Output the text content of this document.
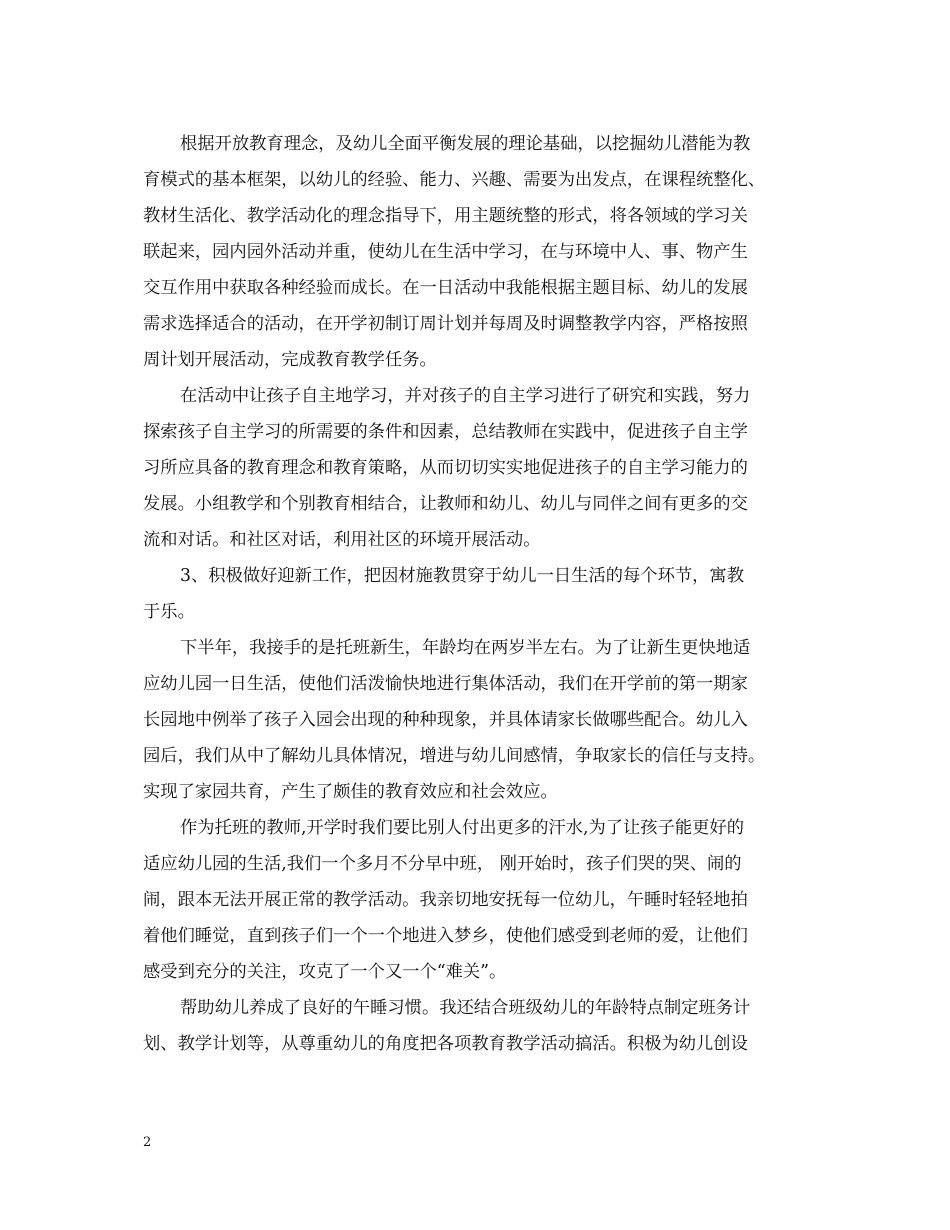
根据开放教育理念，及幼儿全面平衡发展的理论基础，以挖掘幼儿潜能为教
育模式的基本框架，以幼儿的经验、能力、兴趣、需要为出发点，在课程统整化、
教材生活化、教学活动化的理念指导下，用主题统整的形式，将各领域的学习关
联起来，园内园外活动并重，使幼儿在生活中学习，在与环境中人、事、物产生
交互作用中获取各种经验而成长。在一日活动中我能根据主题目标、幼儿的发展
需求选择适合的活动，在开学初制订周计划并每周及时调整教学内容，严格按照
周计划开展活动，完成教育教学任务。
在活动中让孩子自主地学习，并对孩子的自主学习进行了研究和实践，努力
探索孩子自主学习的所需要的条件和因素，总结教师在实践中，促进孩子自主学
习所应具备的教育理念和教育策略，从而切切实实地促进孩子的自主学习能力的
发展。小组教学和个别教育相结合，让教师和幼儿、幼儿与同伴之间有更多的交
流和对话。和社区对话，利用社区的环境开展活动。
3、积极做好迎新工作，把因材施教贯穿于幼儿一日生活的每个环节，寓教
于乐。
下半年，我接手的是托班新生，年龄均在两岁半左右。为了让新生更快地适
应幼儿园一日生活，使他们活泼愉快地进行集体活动，我们在开学前的第一期家
长园地中例举了孩子入园会出现的种种现象，并具体请家长做哪些配合。幼儿入
园后，我们从中了解幼儿具体情况，增进与幼儿间感情，争取家长的信任与支持。
实现了家园共育，产生了颇佳的教育效应和社会效应。
作为托班的教师,开学时我们要比别人付出更多的汗水,为了让孩子能更好的
适应幼儿园的生活,我们一个多月不分早中班， 刚开始时，孩子们哭的哭、闹的
闹，跟本无法开展正常的教学活动。我亲切地安抚每一位幼儿，午睡时轻轻地拍
着他们睡觉，直到孩子们一个一个地进入梦乡，使他们感受到老师的爱，让他们
感受到充分的关注，攻克了一个又一个“难关”。
帮助幼儿养成了良好的午睡习惯。我还结合班级幼儿的年龄特点制定班务计
划、教学计划等，从尊重幼儿的角度把各项教育教学活动搞活。积极为幼儿创设
2
